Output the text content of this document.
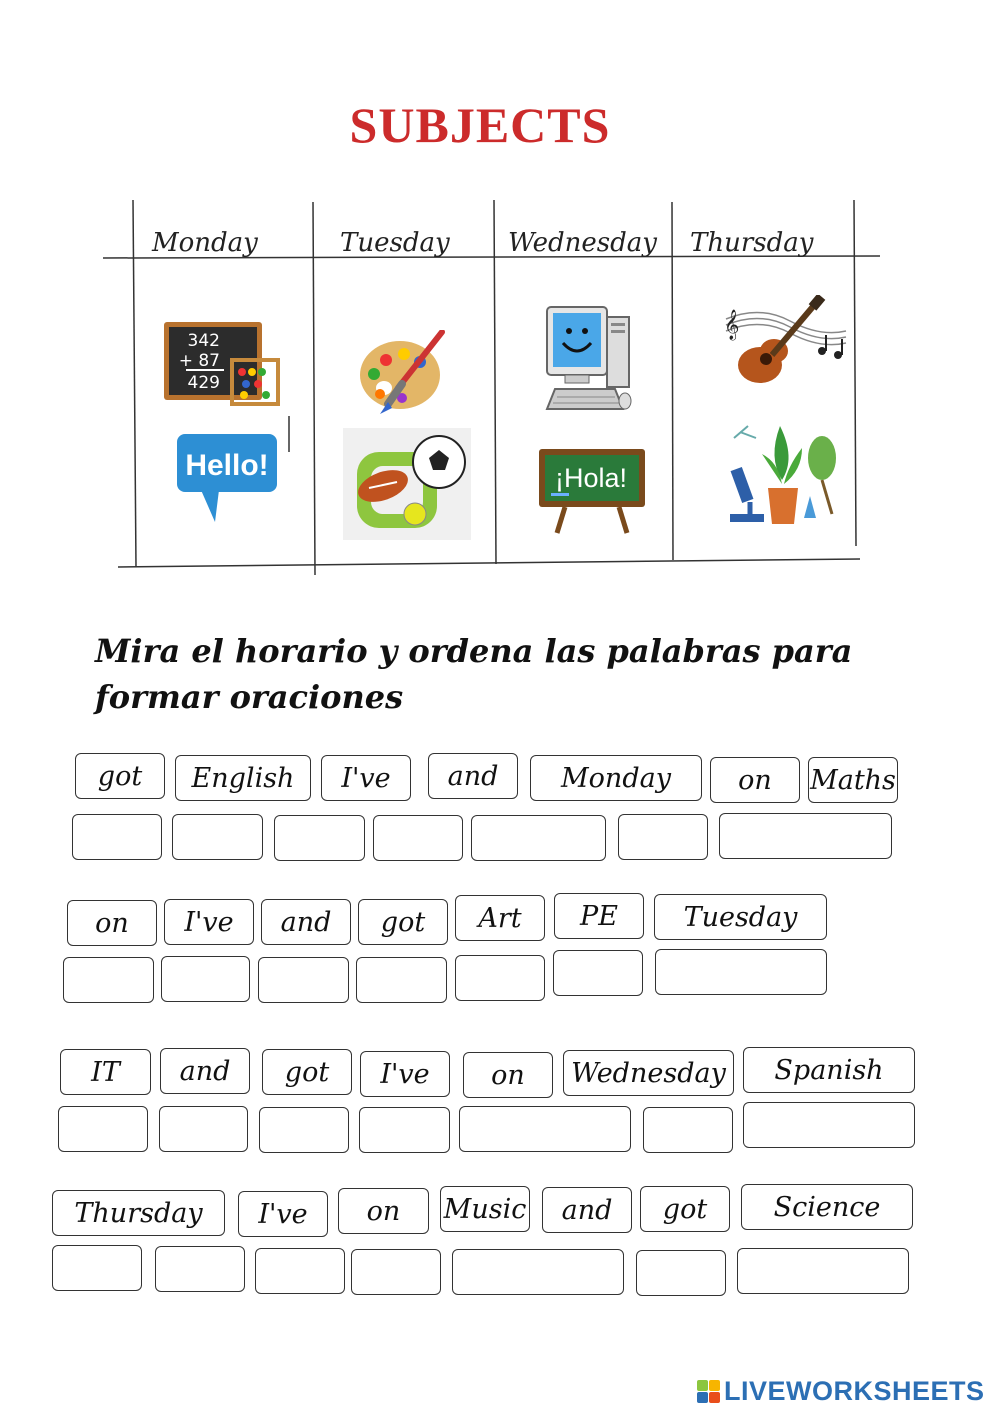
SUBJECTS
Monday	Tuesday Wednesday Thursday
342
+ 87
429
𝄞
Hello!	¡Hola!

Mira el horario y ordena las palabras para formar oraciones

got	English	I've	and	Monday	on	Maths
on	I've	and	got	Art	PE	Tuesday
IT	and	got	I've	on	Wednesday	Spanish
Thursday	I've	on	Music	and	got	Science
LIVEWORKSHEETS
